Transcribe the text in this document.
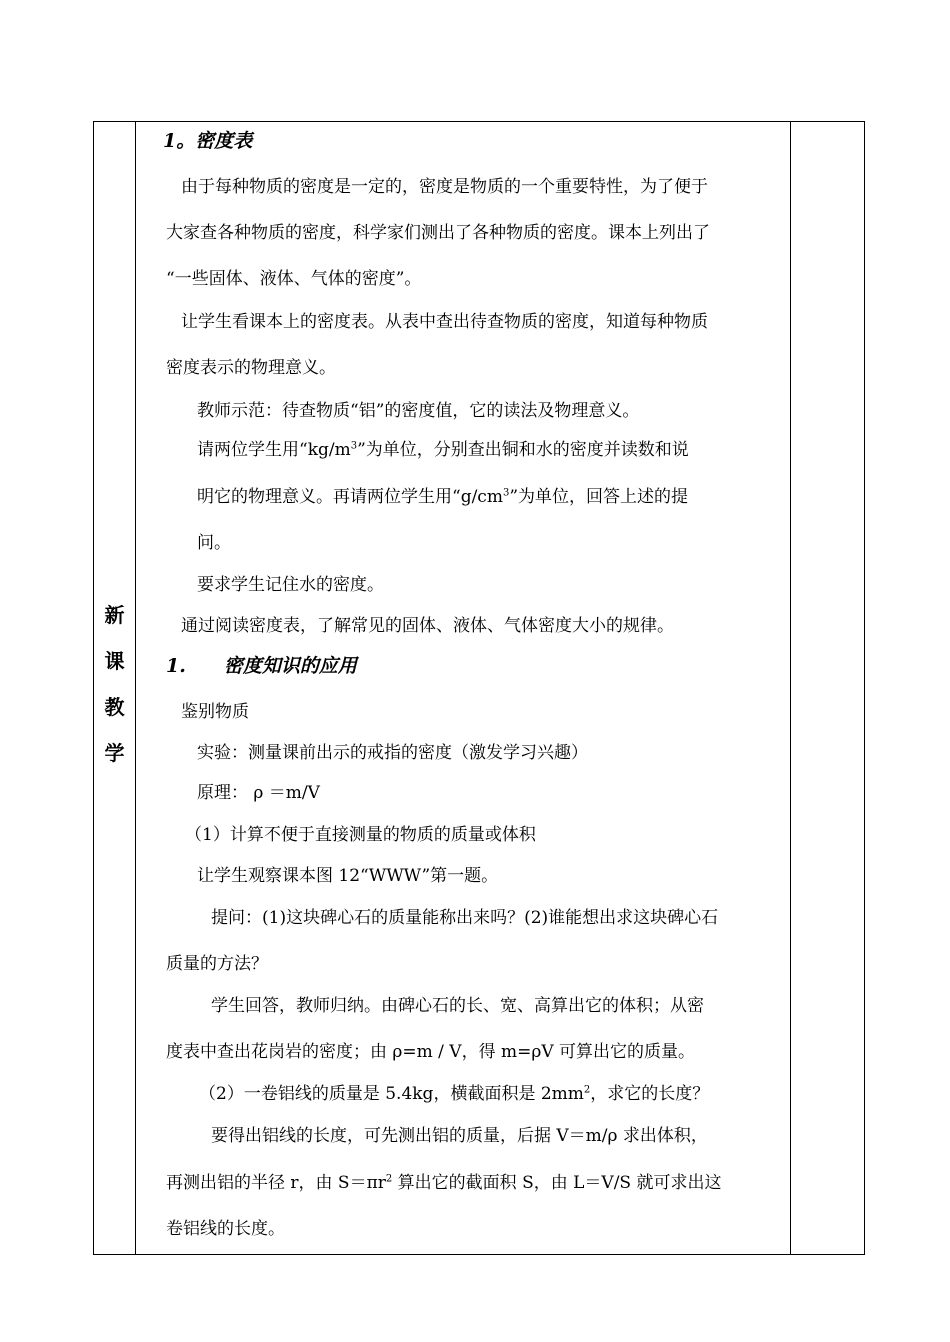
新
课
教
学
1。密度表
由于每种物质的密度是一定的，密度是物质的一个重要特性，为了便于
大家查各种物质的密度，科学家们测出了各种物质的密度。课本上列出了
“一些固体、液体、气体的密度”。
让学生看课本上的密度表。从表中查出待查物质的密度，知道每种物质
密度表示的物理意义。
教师示范：待查物质“铝”的密度值，它的读法及物理意义。
请两位学生用“$kg/m^3$”为单位，分别查出铜和水的密度并读数和说
明它的物理意义。再请两位学生用“$g/cm^3$”为单位，回答上述的提
问。
要求学生记住水的密度。
通过阅读密度表，了解常见的固体、液体、气体密度大小的规律。
1. 密度知识的应用
鉴别物质
实验：测量课前出示的戒指的密度（激发学习兴趣）
原理： ρ ＝m/V
（1）计算不便于直接测量的物质的质量或体积
让学生观察课本图 12“WWW”第一题。
提问：(1)这块碑心石的质量能称出来吗？(2)谁能想出求这块碑心石
质量的方法？
学生回答，教师归纳。由碑心石的长、宽、高算出它的体积；从密
度表中查出花岗岩的密度；由 ρ=m / V，得 m=ρV 可算出它的质量。
（2）一卷铝线的质量是 5.4kg，横截面积是 $2mm^2$，求它的长度？
要得出铝线的长度，可先测出铝的质量，后据 V＝m/ρ 求出体积，
再测出铝的半径 r，由 $S=\pi r^2$ 算出它的截面积 S，由 L＝V/S 就可求出这
卷铝线的长度。
